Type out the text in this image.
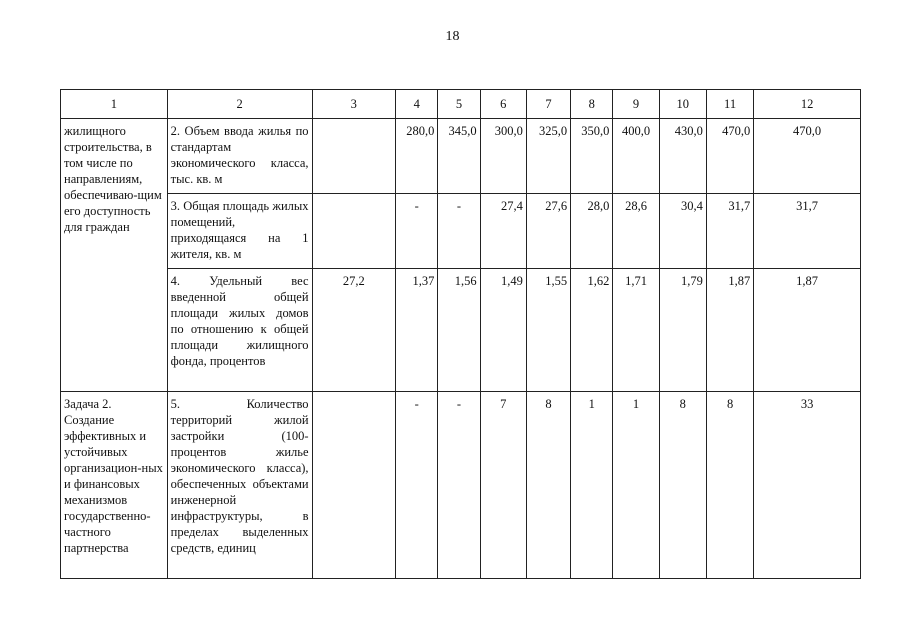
18
1	2	3	4	5	6	7	8	9	10	11	12
жилищного строительства, в том числе по направлениям, обеспечиваю-щим его доступность для граждан	2. Объем ввода жилья по стандартам экономического класса, тыс. кв. м		280,0	345,0	300,0	325,0	350,0	400,0	430,0	470,0	470,0
	3. Общая площадь жилых помещений, приходящаяся на 1 жителя, кв. м		-	-	27,4	27,6	28,0	28,6	30,4	31,7	31,7
	4. Удельный вес введенной общей площади жилых домов по отношению к общей площади жилищного фонда, процентов	27,2	1,37	1,56	1,49	1,55	1,62	1,71	1,79	1,87	1,87
Задача 2. Создание эффективных и устойчивых организацион-ных и финансовых механизмов государственно-частного партнерства	5. Количество территорий жилой застройки (100-процентов жилье экономического класса), обеспеченных объектами инженерной инфраструктуры, в пределах выделенных средств, единиц		-	-	7	8	1	1	8	8	33
